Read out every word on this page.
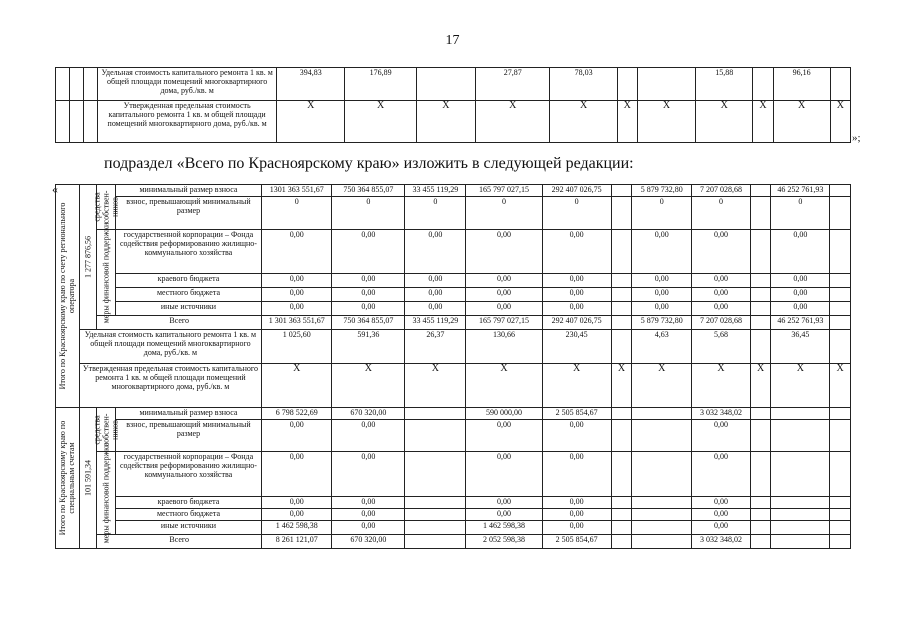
17
			Удельная стоимость капитального ремонта 1 кв. м общей площади помещений многоквартирного дома, руб./кв. м	394,83	176,89		27,87	78,03			15,88		96,16	
			Утвержденная предельная стоимость капитального ремонта 1 кв. м общей площади помещений многоквартирного дома, руб./кв. м	X	X	X	X	X	X	X	X	X	X	X
»;
подраздел «Всего по Красноярскому краю» изложить в следующей редакции:
«
Итого по Красноярскому краю по счету регионального оператора	1 277 876,56	средства собствен-ников	минимальный размер взноса	1301 363 551,67	750 364 855,07	33 455 119,29	165 797 027,15	292 407 026,75		5 879 732,80	7 207 028,68		46 252 761,93	
			взнос, превышающий минимальный размер	0	0	0	0	0		0	0		0	

		меры финансовой поддержки	государственной корпорации – Фонда содействия реформированию жилищно-коммунального хозяйства	0,00	0,00	0,00	0,00	0,00		0,00	0,00		0,00	
			краевого бюджета	0,00	0,00	0,00	0,00	0,00		0,00	0,00		0,00	
			местного бюджета	0,00	0,00	0,00	0,00	0,00		0,00	0,00		0,00	
			иные источники	0,00	0,00	0,00	0,00	0,00		0,00	0,00		0,00	
		Всего		1 301 363 551,67	750 364 855,07	33 455 119,29	165 797 027,15	292 407 026,75		5 879 732,80	7 207 028,68		46 252 761,93	
	Удельная стоимость капитального ремонта 1 кв. м общей площади помещений многоквартирного дома, руб./кв. м			1 025,60	591,36	26,37	130,66	230,45		4,63	5,68		36,45	
	Утвержденная предельная стоимость капитального ремонта 1 кв. м общей площади помещений многоквартирного дома, руб./кв. м			X	X	X	X	X	X	X	X	X	X	X

Итого по Красноярскому краю по специальным счетам	101 591,34	средства собствен-ников	минимальный размер взноса	6 798 522,69	670 320,00		590 000,00	2 505 854,67			3 032 348,02			
			взнос, превышающий минимальный размер	0,00	0,00		0,00	0,00			0,00			

		меры финансовой поддержки	государственной корпорации – Фонда содействия реформированию жилищно-коммунального хозяйства	0,00	0,00		0,00	0,00			0,00			
			краевого бюджета	0,00	0,00		0,00	0,00			0,00			
			местного бюджета	0,00	0,00		0,00	0,00			0,00			
			иные источники	1 462 598,38	0,00		1 462 598,38	0,00			0,00			
		Всего		8 261 121,07	670 320,00		2 052 598,38	2 505 854,67			3 032 348,02			
